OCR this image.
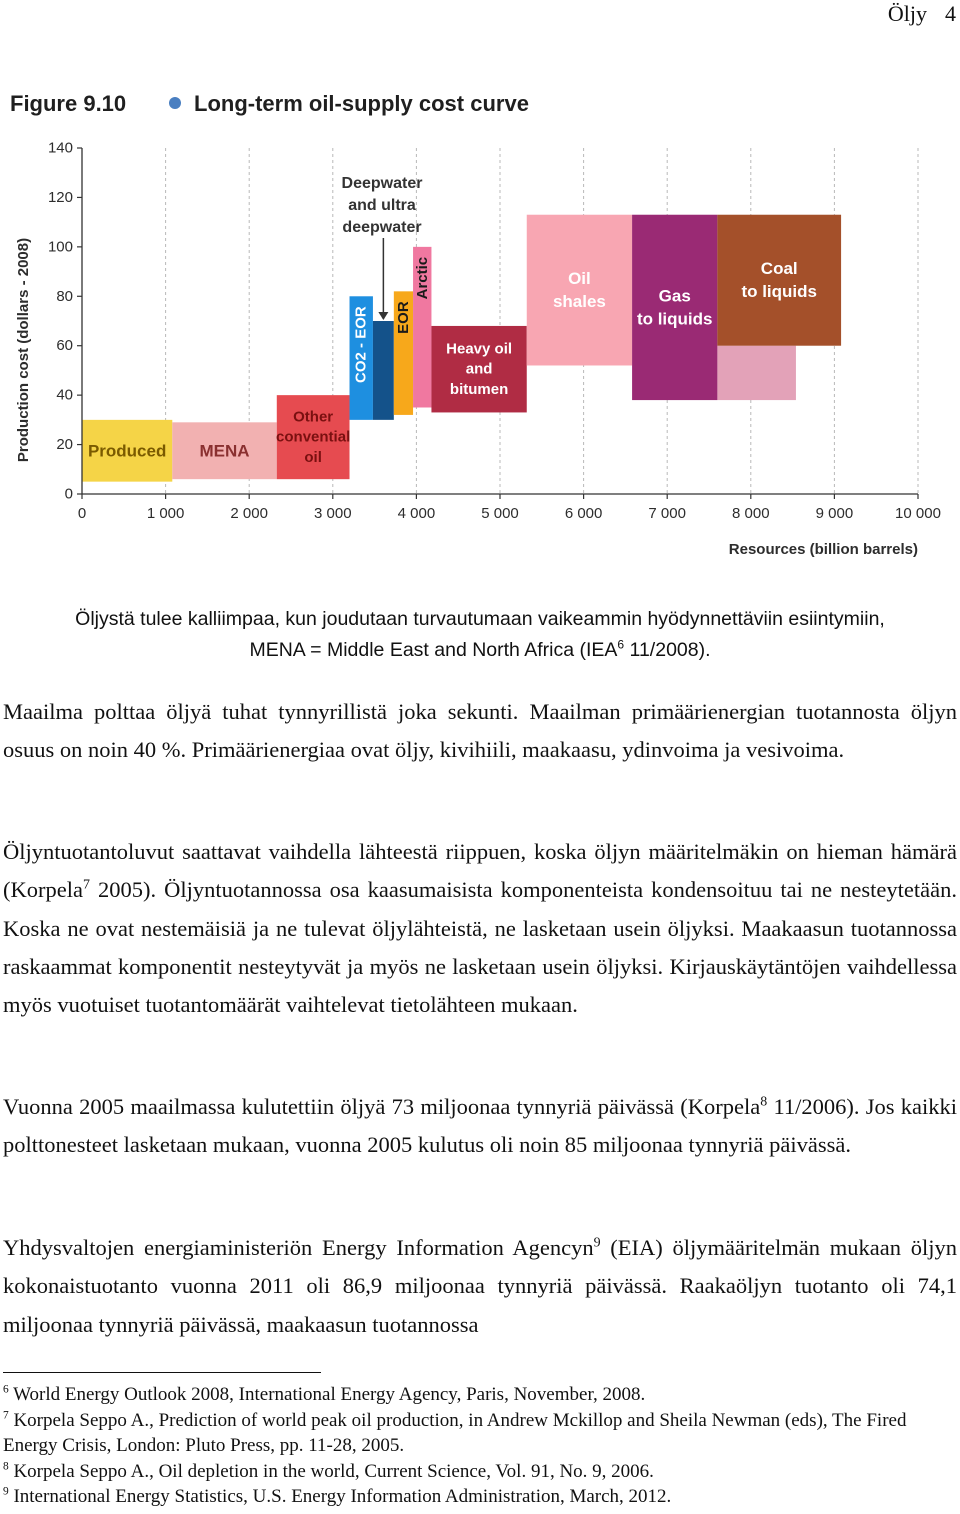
Öljy 4
Figure 9.10	Long-term oil-supply cost curve
Production cost (dollars - 2008)
Resources (billion barrels)
Produced MENA
Other
convential
oil
CO2 - EOR EOR
Arctic
Heavy oil
and
bitumen
Oil
shales	Gas
to liquids
Coal
to liquids
Deepwater
and ultra
deepwater
0
20
40
60
80
100
120
140
0	1 000	2 000	3 000	4 000	5 000	6 000	7 000	8 000	9 000	10 000

Öljystä tulee kalliimpaa, kun joudutaan turvautumaan vaikeammin hyödynnettäviin esiintymiin,

MENA = Middle East and North Africa (IEA$^6$ 11/2008).

Maailma polttaa öljyä tuhat tynnyrillistä joka sekunti. Maailman primäärienergian tuotannosta öljyn osuus on noin 40 %. Primäärienergiaa ovat öljy, kivihiili, maakaasu, ydinvoima ja vesivoima.

Öljyntuotantoluvut saattavat vaihdella lähteestä riippuen, koska öljyn määritelmäkin on hieman hämärä (Korpela$^7$ 2005). Öljyntuotannossa osa kaasumaisista komponenteista kondensoituu tai ne nesteytetään. Koska ne ovat nestemäisiä ja ne tulevat öljylähteistä, ne lasketaan usein öljyksi. Maakaasun tuotannossa raskaammat komponentit nesteytyvät ja myös ne lasketaan usein öljyksi. Kirjauskäytäntöjen vaihdellessa myös vuotuiset tuotantomäärät vaihtelevat tietolähteen mukaan.

Vuonna 2005 maailmassa kulutettiin öljyä 73 miljoonaa tynnyriä päivässä (Korpela$^8$ 11/2006). Jos kaikki polttonesteet lasketaan mukaan, vuonna 2005 kulutus oli noin 85 miljoonaa tynnyriä päivässä.

Yhdysvaltojen energiaministeriön Energy Information Agencyn$^9$ (EIA) öljymääritelmän mukaan öljyn kokonaistuotanto vuonna 2011 oli 86,9 miljoonaa tynnyriä päivässä. Raakaöljyn tuotanto oli 74,1 miljoonaa tynnyriä päivässä, maakaasun tuotannossa

$^6$ World Energy Outlook 2008, International Energy Agency, Paris, November, 2008.

$^7$ Korpela Seppo A., Prediction of world peak oil production, in Andrew Mckillop and Sheila Newman (eds), The Fired Energy Crisis, London: Pluto Press, pp. 11-28, 2005.

$^8$ Korpela Seppo A., Oil depletion in the world, Current Science, Vol. 91, No. 9, 2006.

$^9$ International Energy Statistics, U.S. Energy Information Administration, March, 2012.
